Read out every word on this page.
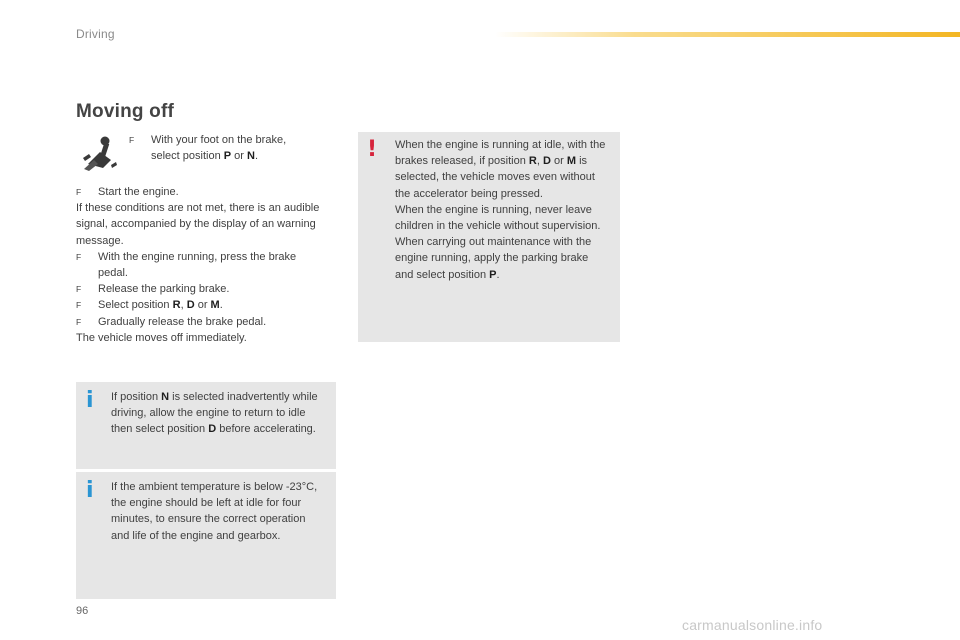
Driving
Moving off
F With your foot on the brake,
select position P or N.
F Start the engine.
If these conditions are not met, there is an audible signal, accompanied by the display of an warning message.
F With the engine running, press the brake pedal.
F Release the parking brake.
F Select position R, D or M.
F Gradually release the brake pedal.
The vehicle moves off immediately.
i If position N is selected inadvertently while driving, allow the engine to return to idle then select position D before accelerating.
i If the ambient temperature is below -23°C, the engine should be left at idle for four minutes, to ensure the correct operation and life of the engine and gearbox.
! When the engine is running at idle, with the brakes released, if position R, D or M is selected, the vehicle moves even without the accelerator being pressed.
When the engine is running, never leave children in the vehicle without supervision.
When carrying out maintenance with the engine running, apply the parking brake and select position P.
96
carmanualsonline.info
